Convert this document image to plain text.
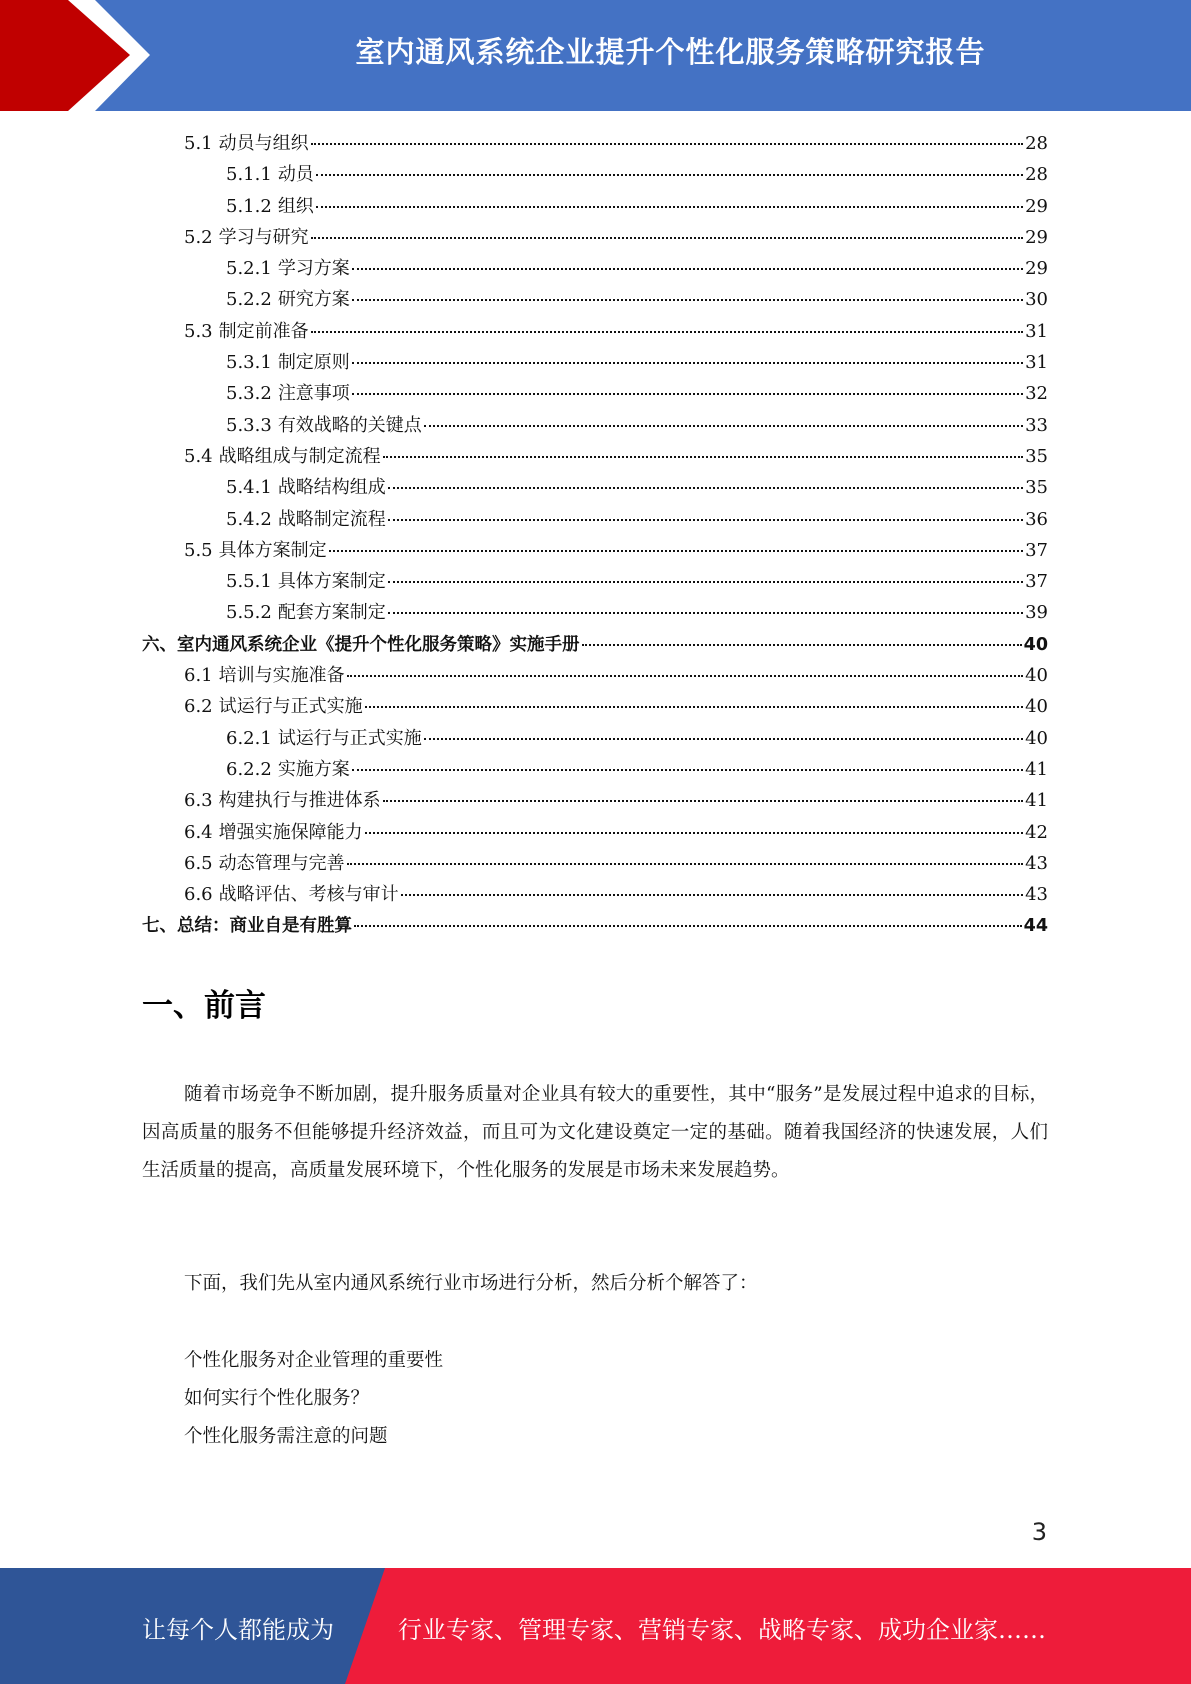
室内通风系统企业提升个性化服务策略研究报告
5.1 动员与组织	28
5.1.1 动员	28
5.1.2 组织	29
5.2 学习与研究	29
5.2.1 学习方案	29
5.2.2 研究方案	30
5.3 制定前准备	31
5.3.1 制定原则	31
5.3.2 注意事项	32
5.3.3 有效战略的关键点	33
5.4 战略组成与制定流程	35
5.4.1 战略结构组成	35
5.4.2 战略制定流程	36
5.5 具体方案制定	37
5.5.1 具体方案制定	37
5.5.2 配套方案制定	39
六、室内通风系统企业《提升个性化服务策略》实施手册	40
6.1 培训与实施准备	40
6.2 试运行与正式实施	40
6.2.1 试运行与正式实施	40
6.2.2 实施方案	41
6.3 构建执行与推进体系	41
6.4 增强实施保障能力	42
6.5 动态管理与完善	43
6.6 战略评估、考核与审计	43
七、总结：商业自是有胜算	44
一、前言
随着市场竞争不断加剧，提升服务质量对企业具有较大的重要性，其中“服务”是发展过程中追求的目标，因高质量的服务不但能够提升经济效益，而且可为文化建设奠定一定的基础。随着我国经济的快速发展，人们生活质量的提高，高质量发展环境下，个性化服务的发展是市场未来发展趋势。
下面，我们先从室内通风系统行业市场进行分析，然后分析个解答了：
个性化服务对企业管理的重要性
如何实行个性化服务？
个性化服务需注意的问题
3
让每个人都能成为	行业专家、管理专家、营销专家、战略专家、成功企业家……
